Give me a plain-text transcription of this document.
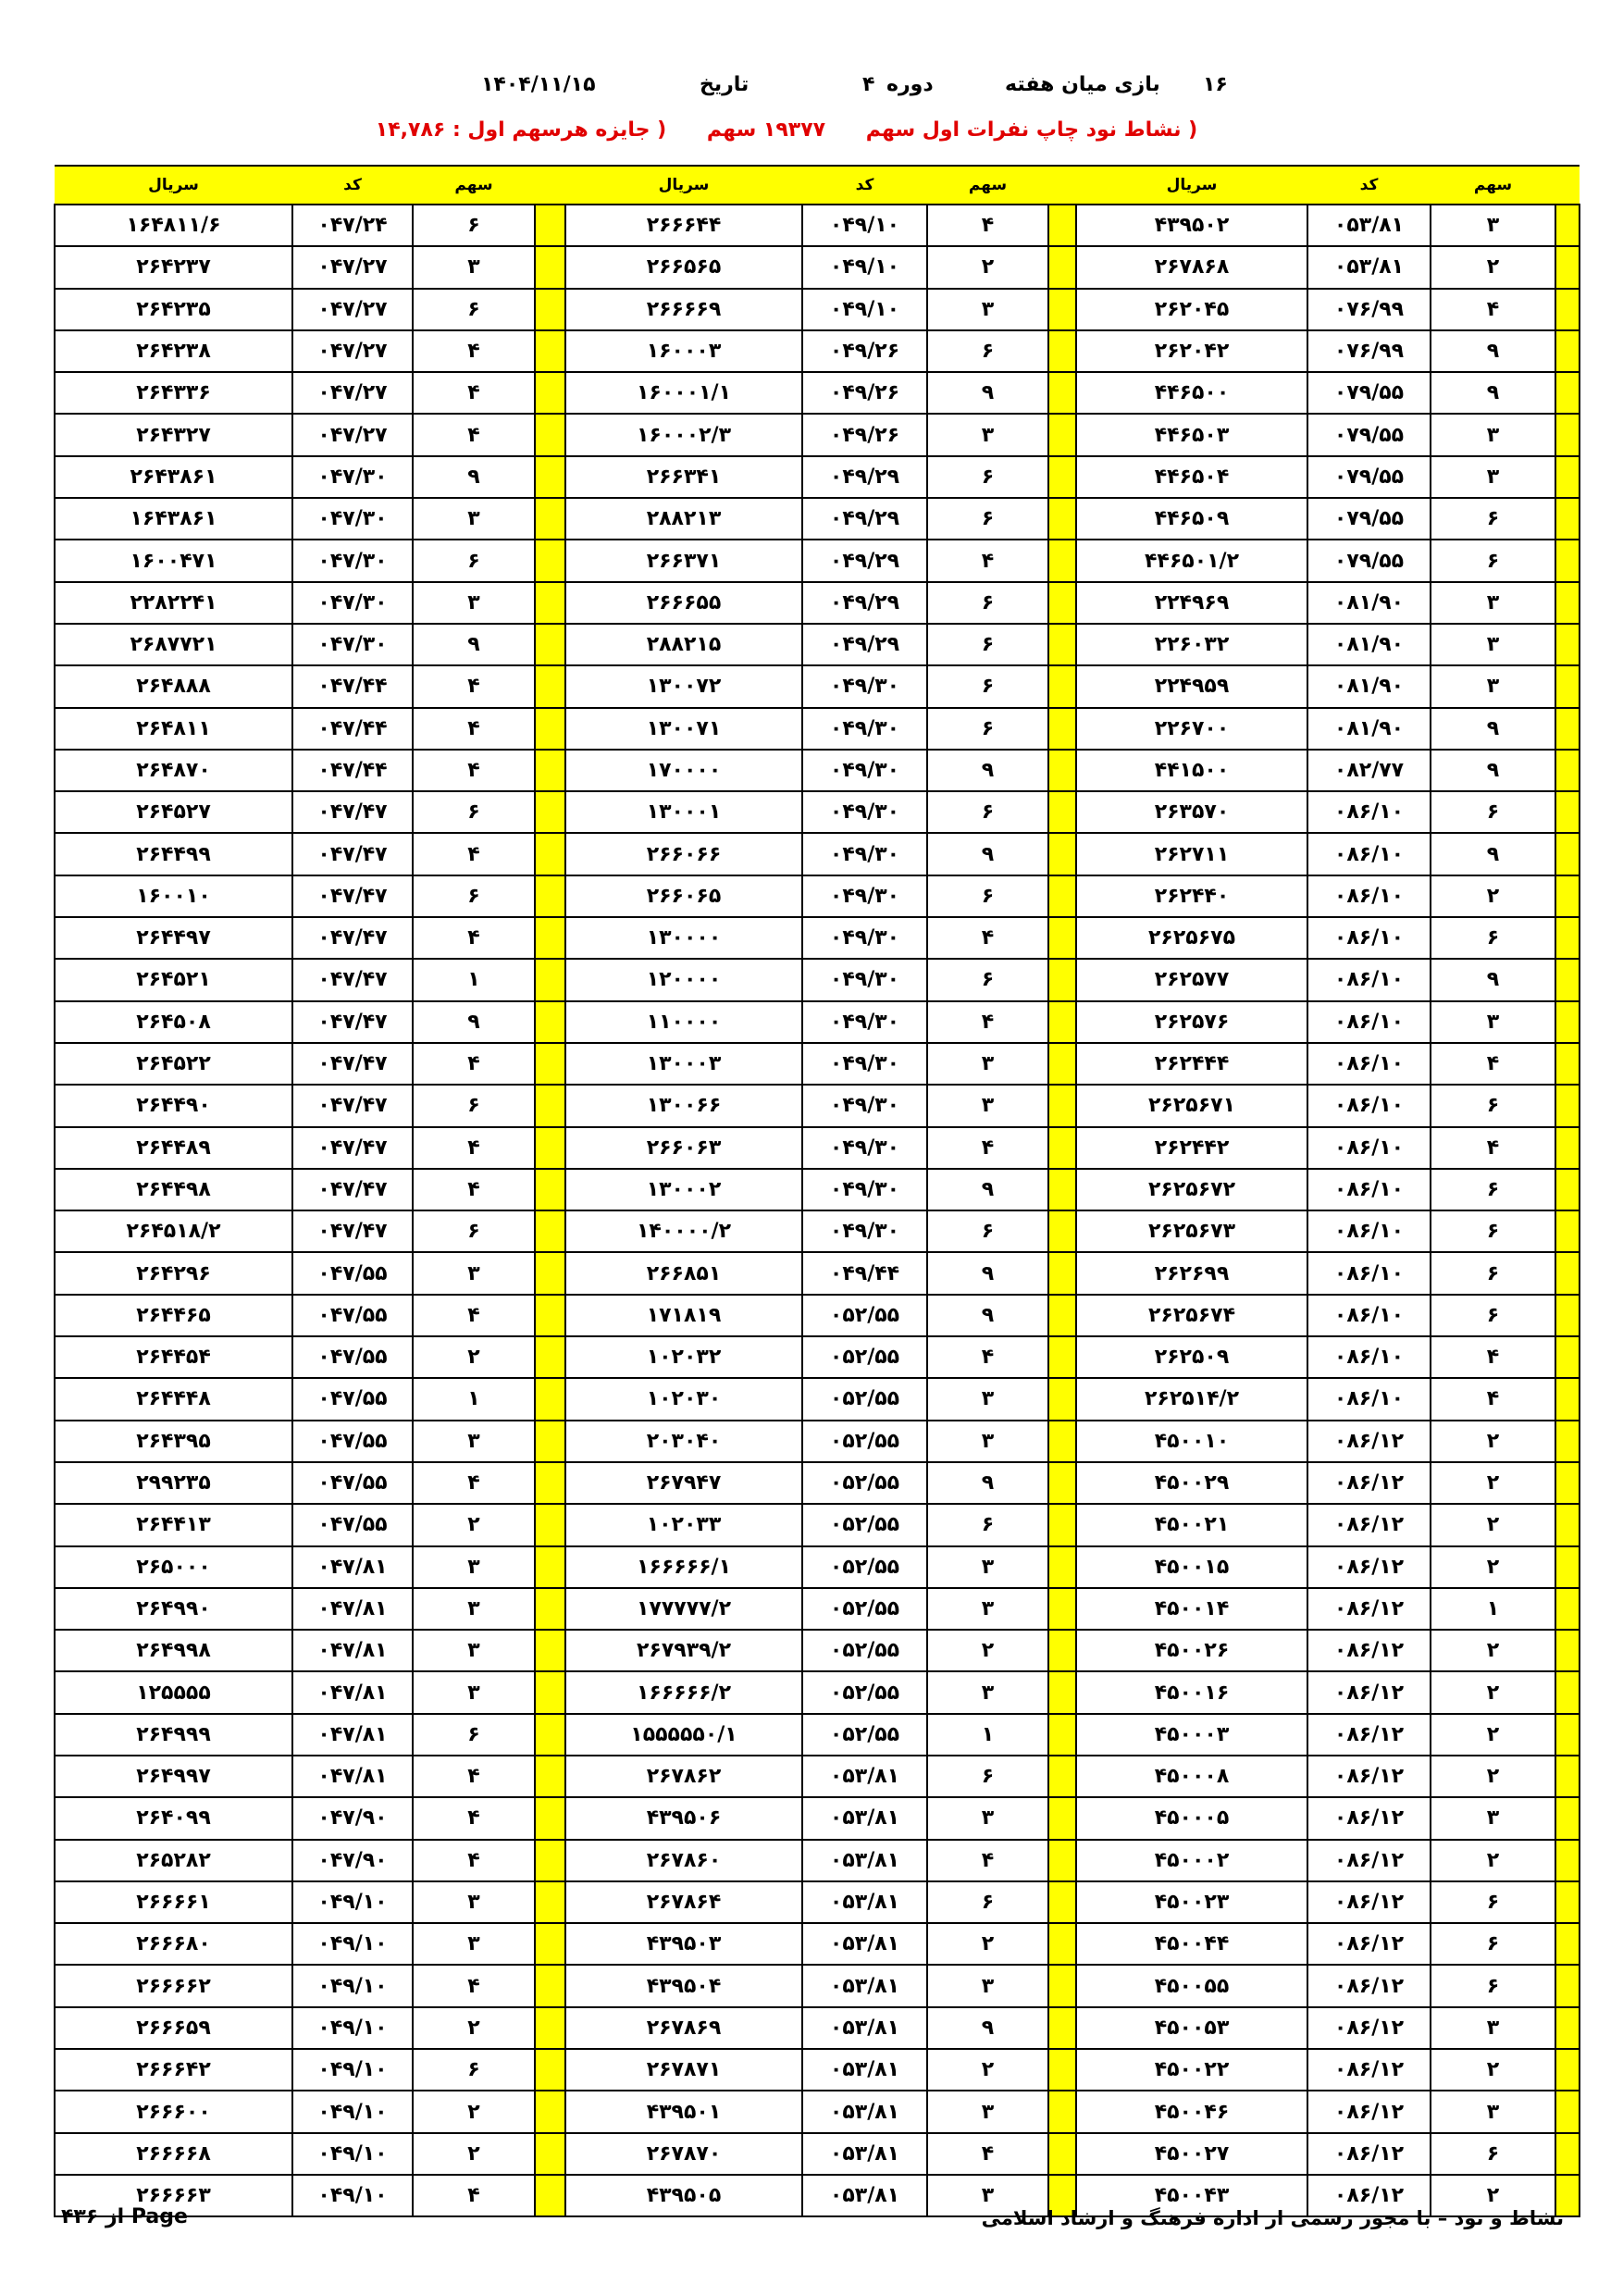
۱۶
بازی میان هفته
دوره
۴
تاریخ
۱۴۰۴/۱۱/۱۵
( نشاط نود چاپ نفرات اول سهم ۱۹۳۷۷ سهم ( جایزه هرسهم اول : ۱۴,۷۸۶
سریال	کد	سهم		سریال	کد	سهم		سریال	کد	سهم	
۱۶۴۸۱۱/۶	۰۴۷/۲۴	۶		۲۶۶۶۴۴	۰۴۹/۱۰	۴		۴۳۹۵۰۲	۰۵۳/۸۱	۳	
۲۶۴۲۳۷	۰۴۷/۲۷	۳		۲۶۶۵۶۵	۰۴۹/۱۰	۲		۲۶۷۸۶۸	۰۵۳/۸۱	۲	
۲۶۴۲۳۵	۰۴۷/۲۷	۶		۲۶۶۶۶۹	۰۴۹/۱۰	۳		۲۶۲۰۴۵	۰۷۶/۹۹	۴	
۲۶۴۲۳۸	۰۴۷/۲۷	۴		۱۶۰۰۰۳	۰۴۹/۲۶	۶		۲۶۲۰۴۲	۰۷۶/۹۹	۹	
۲۶۴۳۳۶	۰۴۷/۲۷	۴		۱۶۰۰۰۱/۱	۰۴۹/۲۶	۹		۴۴۶۵۰۰	۰۷۹/۵۵	۹	
۲۶۴۳۲۷	۰۴۷/۲۷	۴		۱۶۰۰۰۲/۳	۰۴۹/۲۶	۳		۴۴۶۵۰۳	۰۷۹/۵۵	۳	
۲۶۴۳۸۶۱	۰۴۷/۳۰	۹		۲۶۶۳۴۱	۰۴۹/۲۹	۶		۴۴۶۵۰۴	۰۷۹/۵۵	۳	
۱۶۴۳۸۶۱	۰۴۷/۳۰	۳		۲۸۸۲۱۳	۰۴۹/۲۹	۶		۴۴۶۵۰۹	۰۷۹/۵۵	۶	
۱۶۰۰۴۷۱	۰۴۷/۳۰	۶		۲۶۶۳۷۱	۰۴۹/۲۹	۴		۴۴۶۵۰۱/۲	۰۷۹/۵۵	۶	
۲۲۸۲۲۴۱	۰۴۷/۳۰	۳		۲۶۶۶۵۵	۰۴۹/۲۹	۶		۲۲۴۹۶۹	۰۸۱/۹۰	۳	
۲۶۸۷۷۲۱	۰۴۷/۳۰	۹		۲۸۸۲۱۵	۰۴۹/۲۹	۶		۲۲۶۰۳۲	۰۸۱/۹۰	۳	
۲۶۴۸۸۸	۰۴۷/۴۴	۴		۱۳۰۰۷۲	۰۴۹/۳۰	۶		۲۲۴۹۵۹	۰۸۱/۹۰	۳	
۲۶۴۸۱۱	۰۴۷/۴۴	۴		۱۳۰۰۷۱	۰۴۹/۳۰	۶		۲۲۶۷۰۰	۰۸۱/۹۰	۹	
۲۶۴۸۷۰	۰۴۷/۴۴	۴		۱۷۰۰۰۰	۰۴۹/۳۰	۹		۴۴۱۵۰۰	۰۸۲/۷۷	۹	
۲۶۴۵۲۷	۰۴۷/۴۷	۶		۱۳۰۰۰۱	۰۴۹/۳۰	۶		۲۶۳۵۷۰	۰۸۶/۱۰	۶	
۲۶۴۴۹۹	۰۴۷/۴۷	۴		۲۶۶۰۶۶	۰۴۹/۳۰	۹		۲۶۲۷۱۱	۰۸۶/۱۰	۹	
۱۶۰۰۱۰	۰۴۷/۴۷	۶		۲۶۶۰۶۵	۰۴۹/۳۰	۶		۲۶۲۴۴۰	۰۸۶/۱۰	۲	
۲۶۴۴۹۷	۰۴۷/۴۷	۴		۱۳۰۰۰۰	۰۴۹/۳۰	۴		۲۶۲۵۶۷۵	۰۸۶/۱۰	۶	
۲۶۴۵۲۱	۰۴۷/۴۷	۱		۱۲۰۰۰۰	۰۴۹/۳۰	۶		۲۶۲۵۷۷	۰۸۶/۱۰	۹	
۲۶۴۵۰۸	۰۴۷/۴۷	۹		۱۱۰۰۰۰	۰۴۹/۳۰	۴		۲۶۲۵۷۶	۰۸۶/۱۰	۳	
۲۶۴۵۲۲	۰۴۷/۴۷	۴		۱۳۰۰۰۳	۰۴۹/۳۰	۳		۲۶۲۴۴۴	۰۸۶/۱۰	۴	
۲۶۴۴۹۰	۰۴۷/۴۷	۶		۱۳۰۰۶۶	۰۴۹/۳۰	۳		۲۶۲۵۶۷۱	۰۸۶/۱۰	۶	
۲۶۴۴۸۹	۰۴۷/۴۷	۴		۲۶۶۰۶۳	۰۴۹/۳۰	۴		۲۶۲۴۴۲	۰۸۶/۱۰	۴	
۲۶۴۴۹۸	۰۴۷/۴۷	۴		۱۳۰۰۰۲	۰۴۹/۳۰	۹		۲۶۲۵۶۷۲	۰۸۶/۱۰	۶	
۲۶۴۵۱۸/۲	۰۴۷/۴۷	۶		۱۴۰۰۰۰/۲	۰۴۹/۳۰	۶		۲۶۲۵۶۷۳	۰۸۶/۱۰	۶	
۲۶۴۲۹۶	۰۴۷/۵۵	۳		۲۶۶۸۵۱	۰۴۹/۴۴	۹		۲۶۲۶۹۹	۰۸۶/۱۰	۶	
۲۶۴۴۶۵	۰۴۷/۵۵	۴		۱۷۱۸۱۹	۰۵۲/۵۵	۹		۲۶۲۵۶۷۴	۰۸۶/۱۰	۶	
۲۶۴۴۵۴	۰۴۷/۵۵	۲		۱۰۲۰۳۲	۰۵۲/۵۵	۴		۲۶۲۵۰۹	۰۸۶/۱۰	۴	
۲۶۴۴۴۸	۰۴۷/۵۵	۱		۱۰۲۰۳۰	۰۵۲/۵۵	۳		۲۶۲۵۱۴/۲	۰۸۶/۱۰	۴	
۲۶۴۳۹۵	۰۴۷/۵۵	۳		۲۰۳۰۴۰	۰۵۲/۵۵	۳		۴۵۰۰۱۰	۰۸۶/۱۲	۲	
۲۹۹۲۳۵	۰۴۷/۵۵	۴		۲۶۷۹۴۷	۰۵۲/۵۵	۹		۴۵۰۰۲۹	۰۸۶/۱۲	۲	
۲۶۴۴۱۳	۰۴۷/۵۵	۲		۱۰۲۰۳۳	۰۵۲/۵۵	۶		۴۵۰۰۲۱	۰۸۶/۱۲	۲	
۲۶۵۰۰۰	۰۴۷/۸۱	۳		۱۶۶۶۶۶/۱	۰۵۲/۵۵	۳		۴۵۰۰۱۵	۰۸۶/۱۲	۲	
۲۶۴۹۹۰	۰۴۷/۸۱	۳		۱۷۷۷۷۷/۲	۰۵۲/۵۵	۳		۴۵۰۰۱۴	۰۸۶/۱۲	۱	
۲۶۴۹۹۸	۰۴۷/۸۱	۳		۲۶۷۹۳۹/۲	۰۵۲/۵۵	۲		۴۵۰۰۲۶	۰۸۶/۱۲	۲	
۱۲۵۵۵۵	۰۴۷/۸۱	۳		۱۶۶۶۶۶/۲	۰۵۲/۵۵	۳		۴۵۰۰۱۶	۰۸۶/۱۲	۲	
۲۶۴۹۹۹	۰۴۷/۸۱	۶		۱۵۵۵۵۵۰/۱	۰۵۲/۵۵	۱		۴۵۰۰۰۳	۰۸۶/۱۲	۲	
۲۶۴۹۹۷	۰۴۷/۸۱	۴		۲۶۷۸۶۲	۰۵۳/۸۱	۶		۴۵۰۰۰۸	۰۸۶/۱۲	۲	
۲۶۴۰۹۹	۰۴۷/۹۰	۴		۴۳۹۵۰۶	۰۵۳/۸۱	۳		۴۵۰۰۰۵	۰۸۶/۱۲	۳	
۲۶۵۲۸۲	۰۴۷/۹۰	۴		۲۶۷۸۶۰	۰۵۳/۸۱	۴		۴۵۰۰۰۲	۰۸۶/۱۲	۲	
۲۶۶۶۶۱	۰۴۹/۱۰	۳		۲۶۷۸۶۴	۰۵۳/۸۱	۶		۴۵۰۰۲۳	۰۸۶/۱۲	۶	
۲۶۶۶۸۰	۰۴۹/۱۰	۳		۴۳۹۵۰۳	۰۵۳/۸۱	۲		۴۵۰۰۴۴	۰۸۶/۱۲	۶	
۲۶۶۶۶۲	۰۴۹/۱۰	۴		۴۳۹۵۰۴	۰۵۳/۸۱	۳		۴۵۰۰۵۵	۰۸۶/۱۲	۶	
۲۶۶۶۵۹	۰۴۹/۱۰	۲		۲۶۷۸۶۹	۰۵۳/۸۱	۹		۴۵۰۰۵۳	۰۸۶/۱۲	۳	
۲۶۶۶۴۲	۰۴۹/۱۰	۶		۲۶۷۸۷۱	۰۵۳/۸۱	۲		۴۵۰۰۲۲	۰۸۶/۱۲	۲	
۲۶۶۶۰۰	۰۴۹/۱۰	۲		۴۳۹۵۰۱	۰۵۳/۸۱	۳		۴۵۰۰۴۶	۰۸۶/۱۲	۳	
۲۶۶۶۶۸	۰۴۹/۱۰	۲		۲۶۷۸۷۰	۰۵۳/۸۱	۴		۴۵۰۰۲۷	۰۸۶/۱۲	۶	
۲۶۶۶۶۳	۰۴۹/۱۰	۴		۴۳۹۵۰۵	۰۵۳/۸۱	۳		۴۵۰۰۴۳	۰۸۶/۱۲	۲	
از ۴۳۶ Page	نشاط و نود – با مجوز رسمی از اداره فرهنگ و ارشاد اسلامی
